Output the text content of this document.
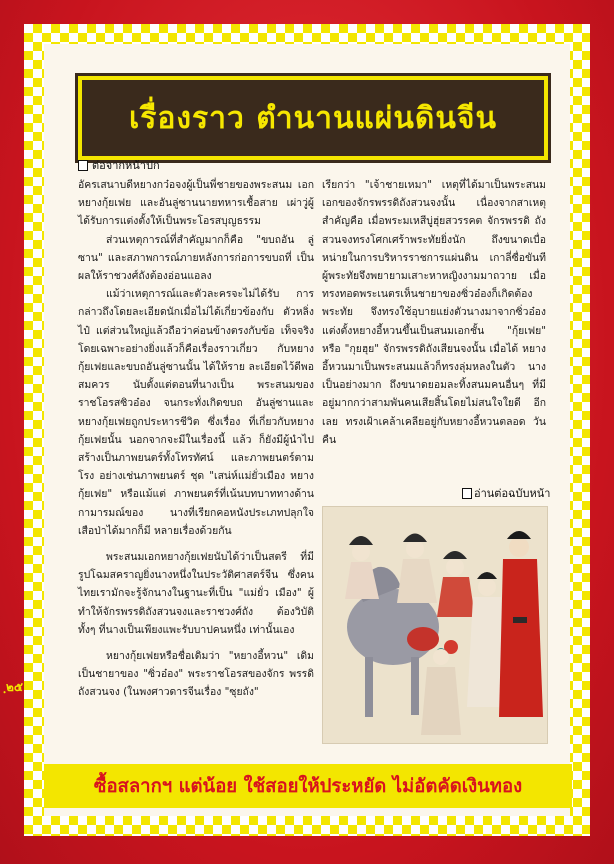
ฺ๒๕
เรื่องราว ตำนานแผ่นดินจีน
ต่อจากหน้าปก

อัครเสนาบดีหยางกว๋อจงผู้เป็นพี่ชายของพระสนม เอกหยางกุ้ยเฟย และอันลู่ซานนายทหารเชื้อสาย เผ่าวู่ผู้ได้รับการแต่งตั้งให้เป็นพระโอรสบุญธรรม

ส่วนเหตุการณ์ที่สำคัญมากก็คือ "ขบถอัน ลู่ซาน" และสภาพการณ์ภายหลังการก่อการขบถที่ เป็นผลให้ราชวงศ์ถังต้องอ่อนแอลง

แม้ว่าเหตุการณ์และตัวละครจะไม่ได้รับ การกล่าวถึงโดยละเอียดนักเมื่อไม่ได้เกี่ยวข้องกับ ตัวหลิ่งไป๋ แต่ส่วนใหญ่แล้วถือว่าค่อนข้างตรงกับข้อ เท็จจริง โดยเฉพาะอย่างยิ่งแล้วก็คือเรื่องราวเกี่ยว กับหยางกุ้ยเฟยและขบถอันลู่ซานนั้น ได้ให้ราย ละเอียดไว้ดีพอสมควร นับตั้งแต่ตอนที่นางเป็น พระสนมของราชโอรสซิวอ๋อง จนกระทั่งเกิดขบถ อันลู่ซานและหยางกุ้ยเฟยถูกประหารชีวิต ซึ่งเรื่อง ที่เกี่ยวกับหยางกุ้ยเฟยนั้น นอกจากจะมีในเรื่องนี้ แล้ว ก็ยังมีผู้นำไปสร้างเป็นภาพยนตร์ทั้งโทรทัศน์ และภาพยนตร์ตามโรง อย่างเช่นภาพยนตร์ ชุด "เสน่ห์แม่ยั่วเมือง หยางกุ้ยเฟย" หรือแม้แต่ ภาพยนตร์ที่เน้นบทบาททางด้านกามารมณ์ของ นางที่เรียกคอหนังประเภทปลุกใจเสือป่าได้มากก็มี หลายเรื่องด้วยกัน

พระสนมเอกหยางกุ้ยเฟยนับได้ว่าเป็นสตรี ที่มีรูปโฉมสคราญยิ่งนางหนึ่งในประวัติศาสตร์จีน ซึ่งคนไทยเรามักจะรู้จักนางในฐานะที่เป็น "แม่ยั่ว เมือง" ผู้ทำให้จักรพรรดิถังสวนจงและราชวงศ์ถัง ต้องวิบัติ ทั้งๆ ที่นางเป็นเพียงแพะรับบาปคนหนึ่ง เท่านั้นเอง

หยางกุ้ยเฟยหรือชื่อเดิมว่า "หยางอี้หวน" เดิมเป็นชายาของ "ซิ่วอ๋อง" พระราชโอรสของจักร พรรดิถังสวนจง (ในพงศาวดารจีนเรื่อง "ซุยถัง"

เรียกว่า "เจ้าชายเหมา" เหตุที่ได้มาเป็นพระสนม เอกของจักรพรรดิถังสวนจงนั้น เนื่องจากสาเหตุ สำคัญคือ เมื่อพระมเหสีบู่ฮุ่ยสวรรคต จักรพรรดิ ถังสวนจงทรงโศกเศร้าพระทัยยิ่งนัก ถึงขนาดเบื่อ หน่ายในการบริหารราชการแผ่นดิน เกาลี่ซื่อขันที ผู้พระทัยจึงพยายามเสาะหาหญิงงามมาถวาย เมื่อ ทรงทอดพระเนตรเห็นชายาของซิ่วอ๋องก็เกิดต้อง พระทัย จึงทรงใช้อุบายแย่งตัวนางมาจากซิ่วอ๋อง แต่งตั้งหยางอี้หวนขึ้นเป็นสนมเอกชั้น "กุ้ยเฟย" หรือ "กุยฮุย" จักรพรรดิถังเสียนจงนั้น เมื่อได้ หยางอี้หวนมาเป็นพระสนมแล้วก็ทรงลุ่มหลงในตัว นางเป็นอย่างมาก ถึงขนาดยอมละทิ้งสนมคนอื่นๆ ที่มีอยู่มากกว่าสามพันคนเสียสิ้นโดยไม่สนใจใยดี อีกเลย ทรงเฝ้าเคล้าเคลียอยู่กับหยางอี้หวนตลอด วันคืน

อ่านต่อฉบับหน้า
ซื้อสลากฯ แต่น้อย ใช้สอยให้ประหยัด ไม่อัตคัดเงินทอง
